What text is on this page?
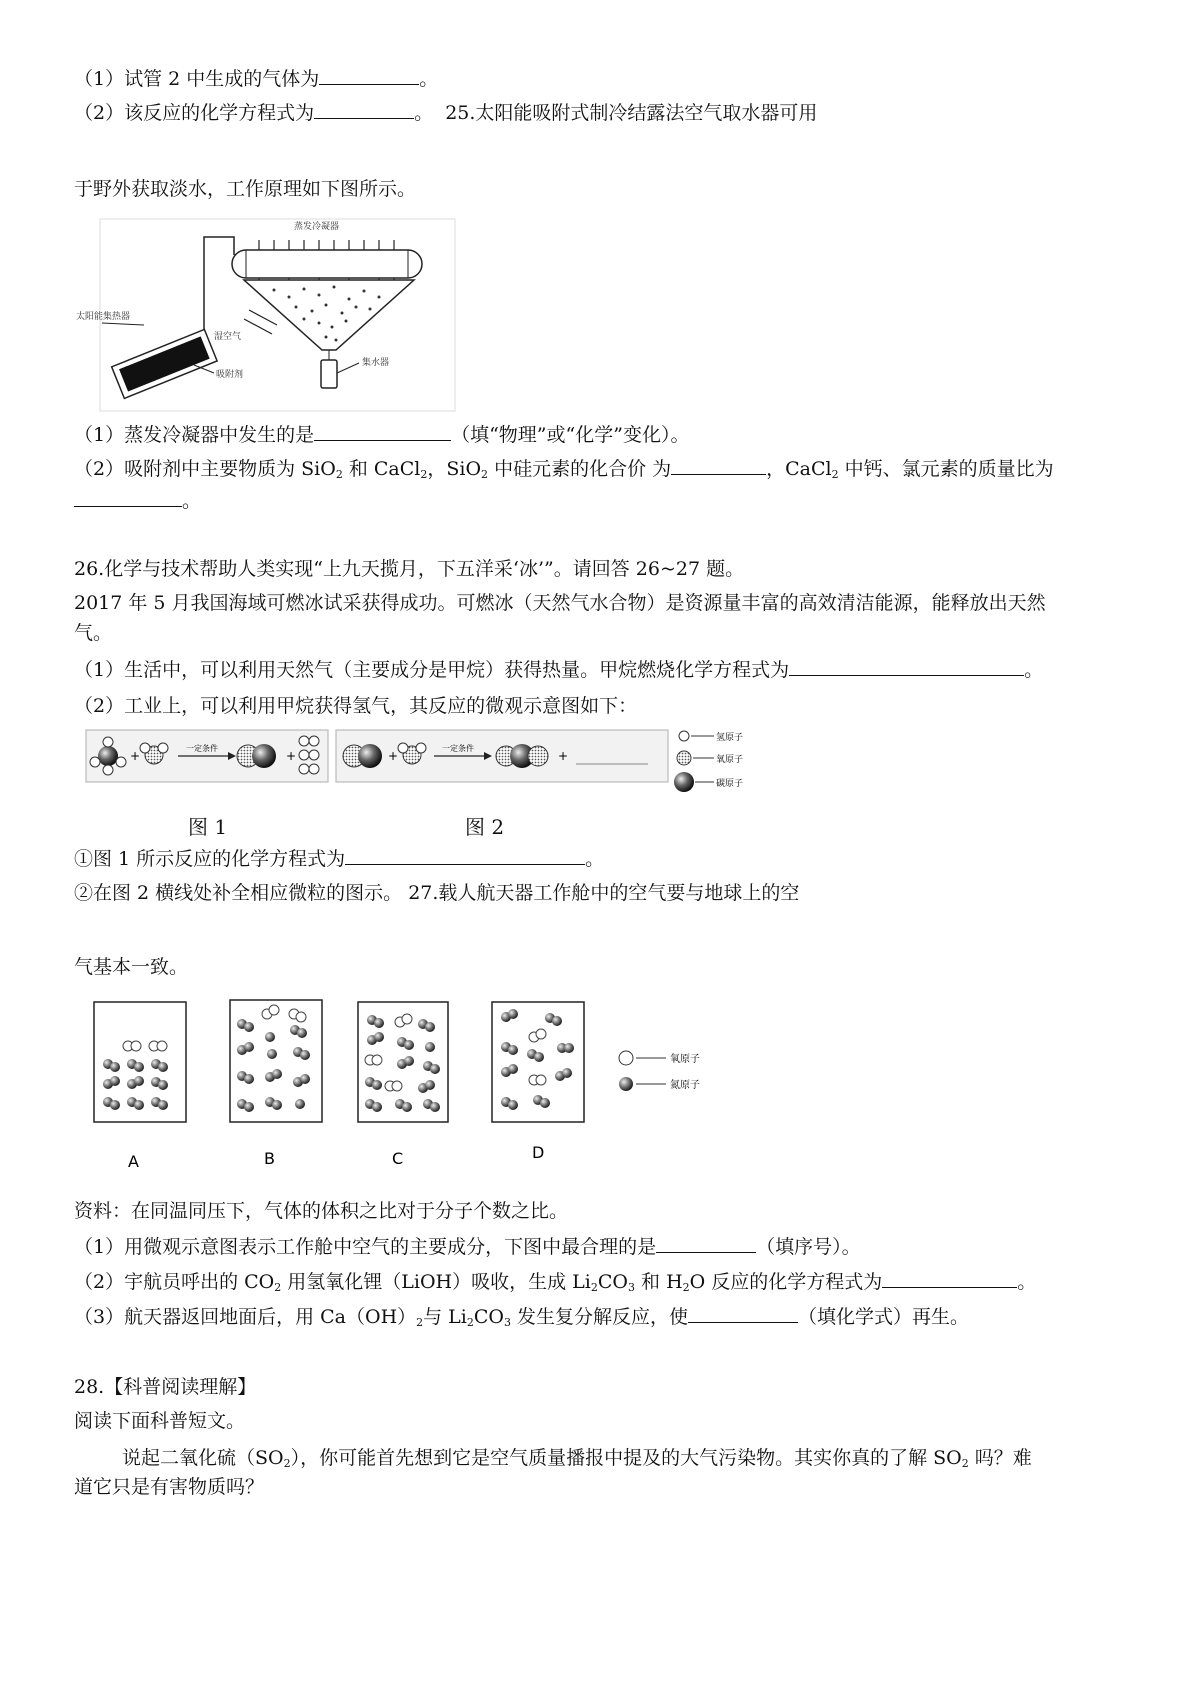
（1）试管 2 中生成的气体为	。
（2）该反应的化学方程式为	。 25.太阳能吸附式制冷结露法空气取水器可用
于野外获取淡水，工作原理如下图所示。
蒸发冷凝器
湿空气
集水器
太阳能集热器
吸附剂
（1）蒸发冷凝器中发生的是	（填“物理”或“化学”变化）。
（2）吸附剂中主要物质为 SiO$_2$ 和 CaCl$_2$，SiO$_2$ 中硅元素的化合价 为	，CaCl$_2$ 中钙、氯元素的质量比为
。
26.化学与技术帮助人类实现“上九天揽月，下五洋采‘冰’”。请回答 26~27 题。
2017 年 5 月我国海域可燃冰试采获得成功。可燃冰（天然气水合物）是资源量丰富的高效清洁能源，能释放出天然
气。
（1）生活中，可以利用天然气（主要成分是甲烷）获得热量。甲烷燃烧化学方程式为	。
（2）工业上，可以利用甲烷获得氢气，其反应的微观示意图如下：
+
一定条件
+	+
一定条件
+
氢原子
氧原子
碳原子
图 1	图 2
①图 1 所示反应的化学方程式为	。
②在图 2 横线处补全相应微粒的图示。 27.载人航天器工作舱中的空气要与地球上的空
气基本一致。
A	B	C	D
氧原子
氮原子
资料：在同温同压下，气体的体积之比对于分子个数之比。
（1）用微观示意图表示工作舱中空气的主要成分，下图中最合理的是	（填序号）。
（2）宇航员呼出的 $CO_2$ 用氢氧化锂（LiOH）吸收，生成 $Li_2CO_3$ 和 $H_2O$ 反应的化学方程式为	。
（3）航天器返回地面后，用 $Ca(OH)_2$与 $Li_2CO_3$ 发生复分解反应，使	（填化学式）再生。
28.【科普阅读理解】
阅读下面科普短文。
说起二氧化硫$(SO_2)$，你可能首先想到它是空气质量播报中提及的大气污染物。其实你真的了解 $SO_2$ 吗？难
道它只是有害物质吗？
